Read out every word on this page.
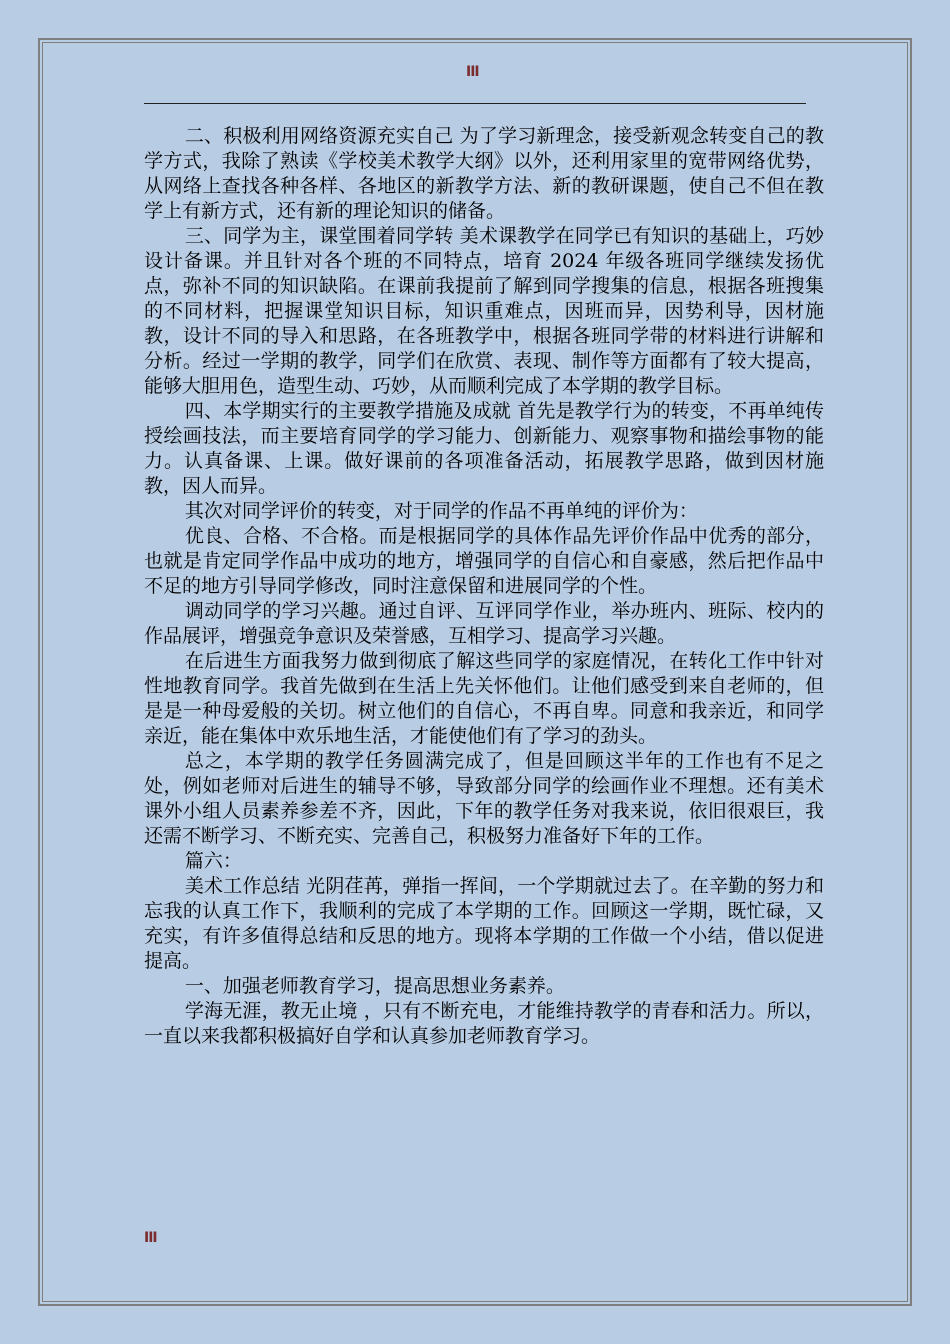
III

二、积极利用网络资源充实自己 为了学习新理念，接受新观念转变自己的教学方式，我除了熟读《学校美术教学大纲》以外，还利用家里的宽带网络优势，从网络上查找各种各样、各地区的新教学方法、新的教研课题，使自己不但在教学上有新方式，还有新的理论知识的储备。

三、同学为主，课堂围着同学转 美术课教学在同学已有知识的基础上，巧妙设计备课。并且针对各个班的不同特点，培育 2024 年级各班同学继续发扬优点，弥补不同的知识缺陷。在课前我提前了解到同学搜集的信息，根据各班搜集的不同材料，把握课堂知识目标，知识重难点，因班而异，因势利导，因材施教，设计不同的导入和思路，在各班教学中，根据各班同学带的材料进行讲解和分析。经过一学期的教学，同学们在欣赏、表现、制作等方面都有了较大提高，能够大胆用色，造型生动、巧妙，从而顺利完成了本学期的教学目标。

四、本学期实行的主要教学措施及成就 首先是教学行为的转变，不再单纯传授绘画技法，而主要培育同学的学习能力、创新能力、观察事物和描绘事物的能力。认真备课、上课。做好课前的各项准备活动，拓展教学思路，做到因材施教，因人而异。

其次对同学评价的转变，对于同学的作品不再单纯的评价为：

优良、合格、不合格。而是根据同学的具体作品先评价作品中优秀的部分，也就是肯定同学作品中成功的地方，增强同学的自信心和自豪感，然后把作品中不足的地方引导同学修改，同时注意保留和进展同学的个性。

调动同学的学习兴趣。通过自评、互评同学作业，举办班内、班际、校内的作品展评，增强竞争意识及荣誉感，互相学习、提高学习兴趣。

在后进生方面我努力做到彻底了解这些同学的家庭情况，在转化工作中针对性地教育同学。我首先做到在生活上先关怀他们。让他们感受到来自老师的，但是是一种母爱般的关切。树立他们的自信心，不再自卑。同意和我亲近，和同学亲近，能在集体中欢乐地生活，才能使他们有了学习的劲头。

总之，本学期的教学任务圆满完成了，但是回顾这半年的工作也有不足之处，例如老师对后进生的辅导不够，导致部分同学的绘画作业不理想。还有美术课外小组人员素养参差不齐，因此，下年的教学任务对我来说，依旧很艰巨，我还需不断学习、不断充实、完善自己，积极努力准备好下年的工作。

篇六：

美术工作总结 光阴荏苒，弹指一挥间，一个学期就过去了。在辛勤的努力和忘我的认真工作下，我顺利的完成了本学期的工作。回顾这一学期，既忙碌，又充实，有许多值得总结和反思的地方。现将本学期的工作做一个小结，借以促进提高。

一、加强老师教育学习，提高思想业务素养。

学海无涯，教无止境 ，只有不断充电，才能维持教学的青春和活力。所以，一直以来我都积极搞好自学和认真参加老师教育学习。

III
